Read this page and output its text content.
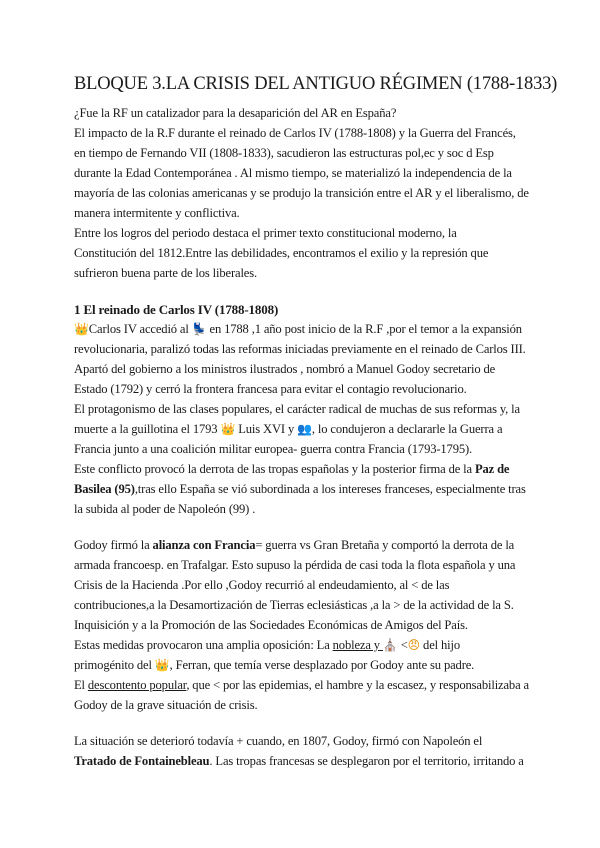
BLOQUE 3.LA CRISIS DEL ANTIGUO RÉGIMEN (1788-1833)
¿Fue la RF un catalizador para la desaparición del AR en España?
El impacto de la R.F durante el reinado de Carlos IV (1788-1808) y la Guerra del Francés,
en tiempo de Fernando VII (1808-1833), sacudieron las estructuras pol,ec y soc d Esp
durante la Edad Contemporánea . Al mismo tiempo, se materializó la independencia de la
mayoría de las colonias americanas y se produjo la transición entre el AR y el liberalismo, de
manera intermitente y conflictiva.
Entre los logros del periodo destaca el primer texto constitucional moderno, la
Constitución del 1812.Entre las debilidades, encontramos el exilio y la represión que
sufrieron buena parte de los liberales.
1 El reinado de Carlos IV (1788-1808)
👑Carlos IV accedió al 💺 en 1788 ,1 año post inicio de la R.F ,por el temor a la expansión
revolucionaria, paralizó todas las reformas iniciadas previamente en el reinado de Carlos III.
Apartó del gobierno a los ministros ilustrados , nombró a Manuel Godoy secretario de
Estado (1792) y cerró la frontera francesa para evitar el contagio revolucionario.
El protagonismo de las clases populares, el carácter radical de muchas de sus reformas y, la
muerte a la guillotina el 1793 👑 Luis XVI y 👥, lo condujeron a declararle la Guerra a
Francia junto a una coalición militar europea- guerra contra Francia (1793-1795).
Este conflicto provocó la derrota de las tropas españolas y la posterior firma de la Paz de
Basilea (95),tras ello España se vió subordinada a los intereses franceses, especialmente tras
la subida al poder de Napoleón (99) .
Godoy firmó la alianza con Francia= guerra vs Gran Bretaña y comportó la derrota de la
armada francoesp. en Trafalgar. Esto supuso la pérdida de casi toda la flota española y una
Crisis de la Hacienda .Por ello ,Godoy recurrió al endeudamiento, al < de las
contribuciones,a la Desamortización de Tierras eclesiásticas ,a la > de la actividad de la S.
Inquisición y a la Promoción de las Sociedades Económicas de Amigos del País.
Estas medidas provocaron una amplia oposición: La nobleza y ⛪ <😠 del hijo
primogénito del 👑, Ferran, que temía verse desplazado por Godoy ante su padre.
El descontento popular, que < por las epidemias, el hambre y la escasez, y responsabilizaba a
Godoy de la grave situación de crisis.
La situación se deterioró todavía + cuando, en 1807, Godoy, firmó con Napoleón el
Tratado de Fontainebleau. Las tropas francesas se desplegaron por el territorio, irritando a
